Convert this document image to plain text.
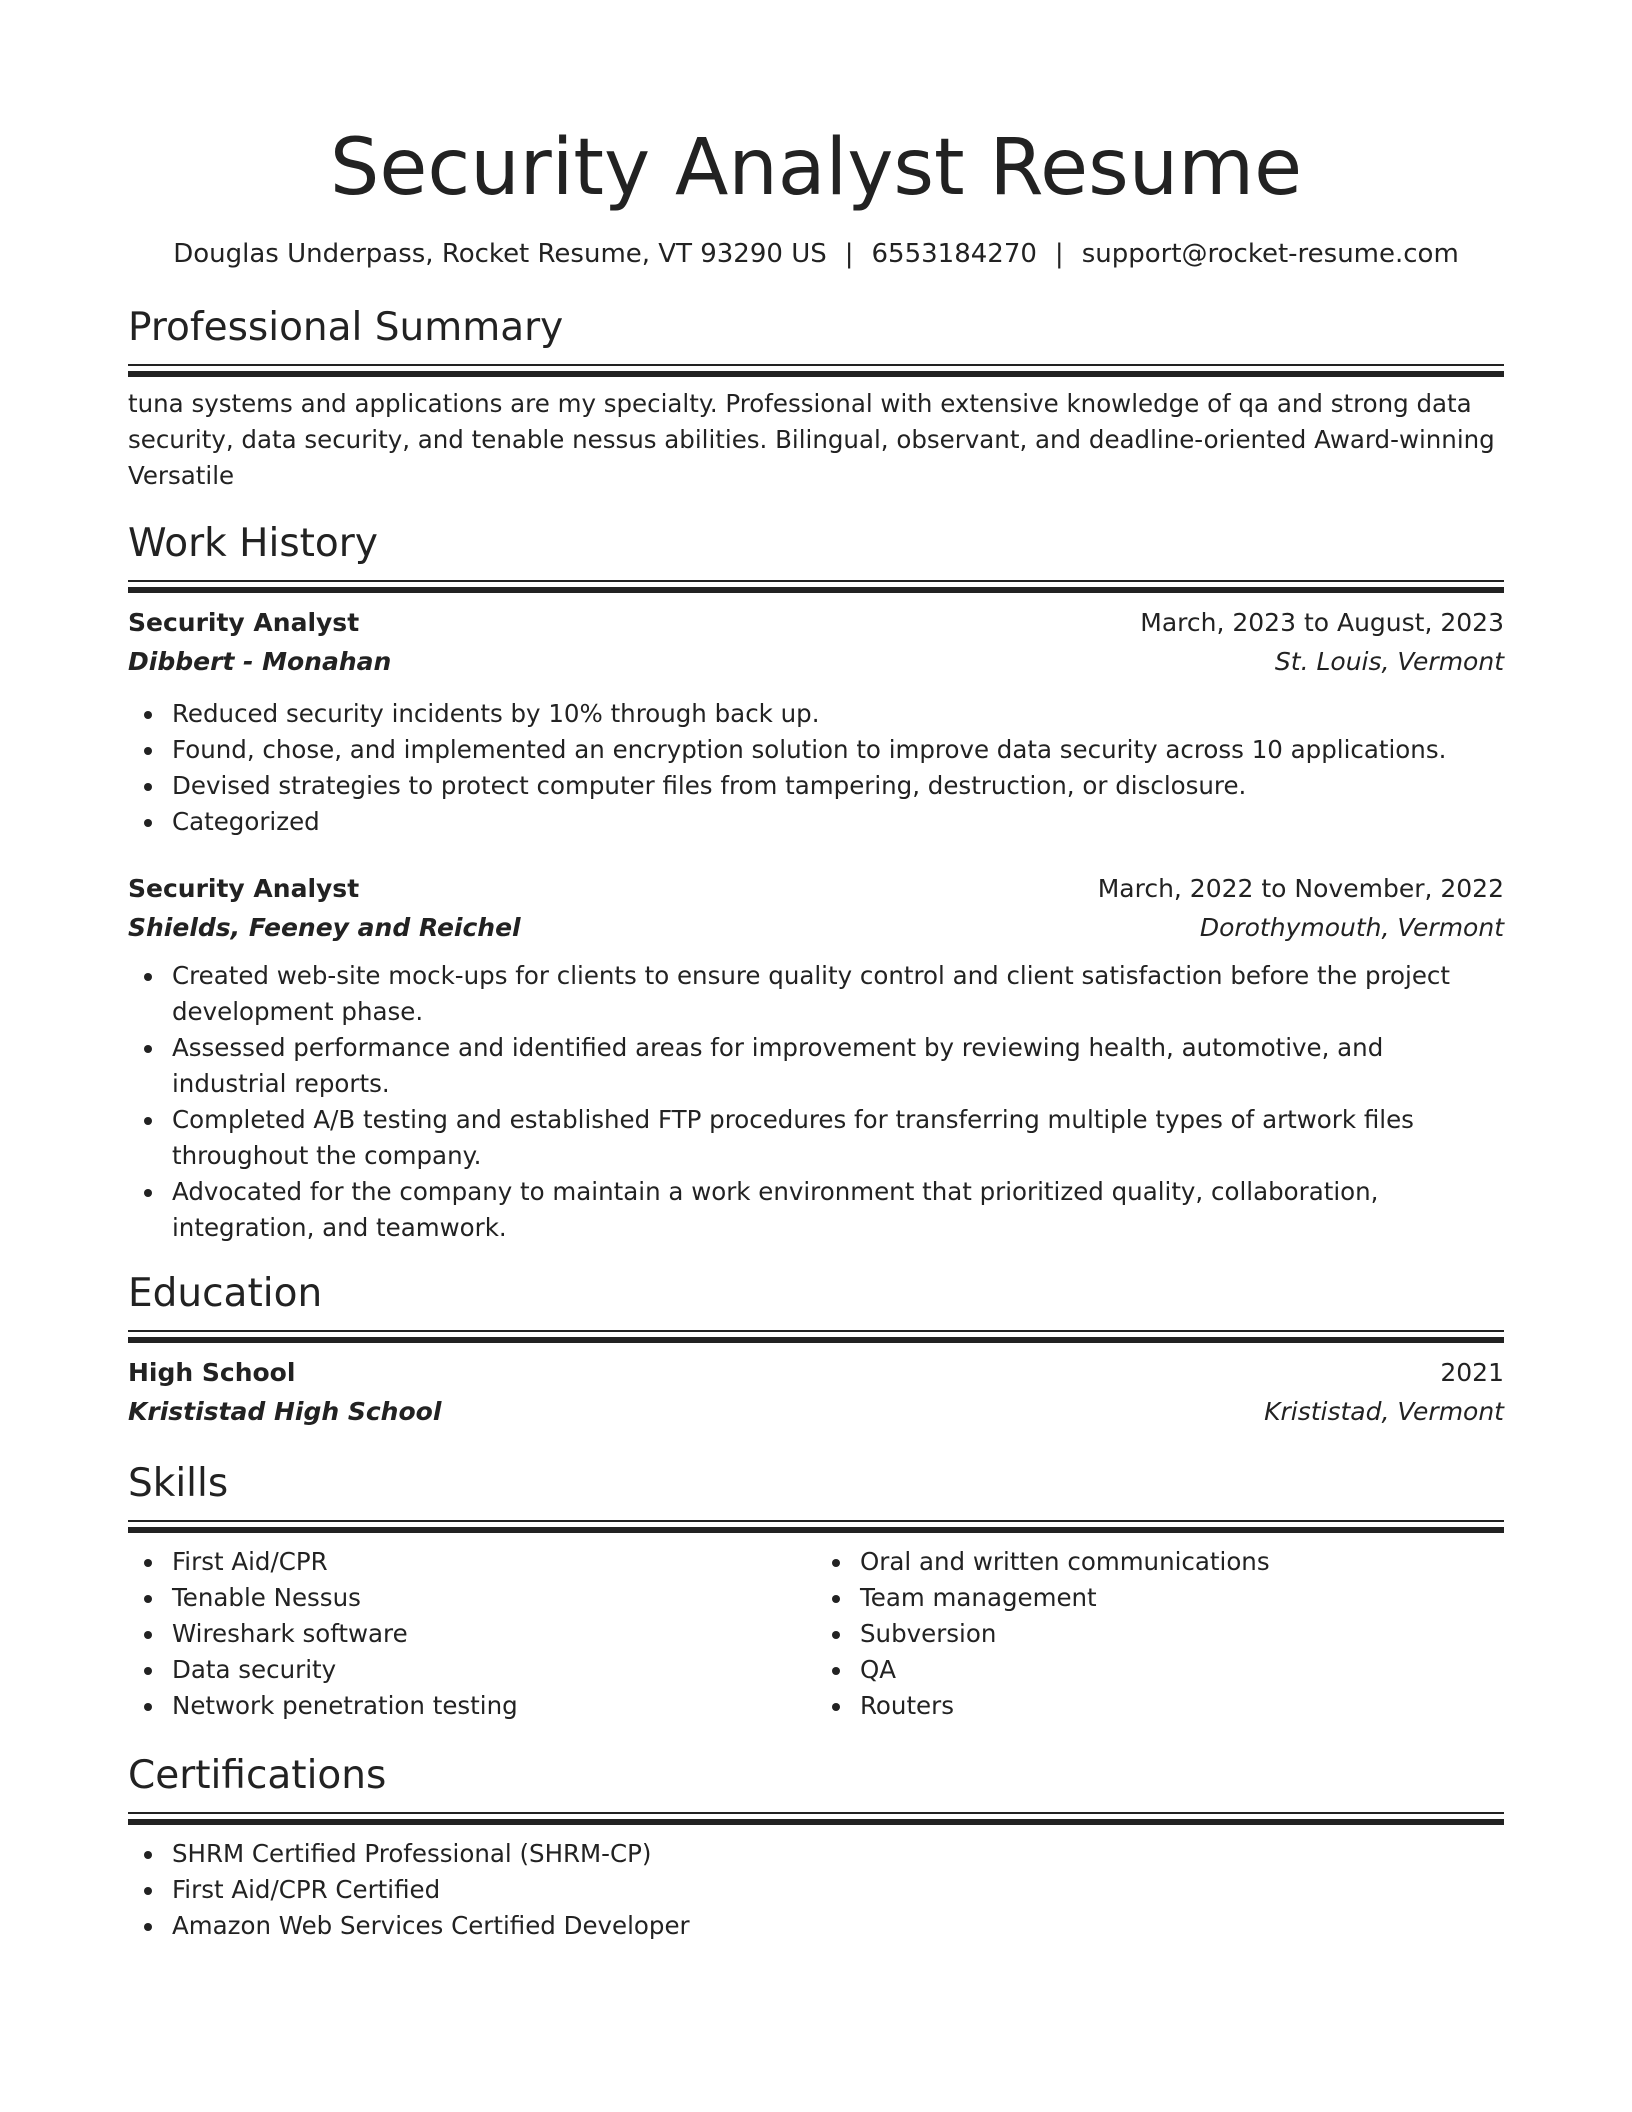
Security Analyst Resume
Douglas Underpass, Rocket Resume, VT 93290 US | 6553184270 | support@rocket-resume.com
Professional Summary

tuna systems and applications are my specialty. Professional with extensive knowledge of qa and strong data security, data security, and tenable nessus abilities. Bilingual, observant, and deadline-oriented Award-winning Versatile

Work History
Security Analyst	March, 2023 to August, 2023
Dibbert - Monahan	St. Louis, Vermont
Reduced security incidents by 10% through back up.
Found, chose, and implemented an encryption solution to improve data security across 10 applications.
Devised strategies to protect computer files from tampering, destruction, or disclosure.
Categorized
Security Analyst	March, 2022 to November, 2022
Shields, Feeney and Reichel	Dorothymouth, Vermont
Created web-site mock-ups for clients to ensure quality control and client satisfaction before the project development phase.
Assessed performance and identified areas for improvement by reviewing health, automotive, and industrial reports.
Completed A/B testing and established FTP procedures for transferring multiple types of artwork files throughout the company.
Advocated for the company to maintain a work environment that prioritized quality, collaboration, integration, and teamwork.
Education
High School	2021
Krististad High School	Krististad, Vermont
Skills
First Aid/CPR
Tenable Nessus
Wireshark software
Data security
Network penetration testing
Oral and written communications
Team management
Subversion
QA
Routers
Certifications
SHRM Certified Professional (SHRM-CP)
First Aid/CPR Certified
Amazon Web Services Certified Developer
